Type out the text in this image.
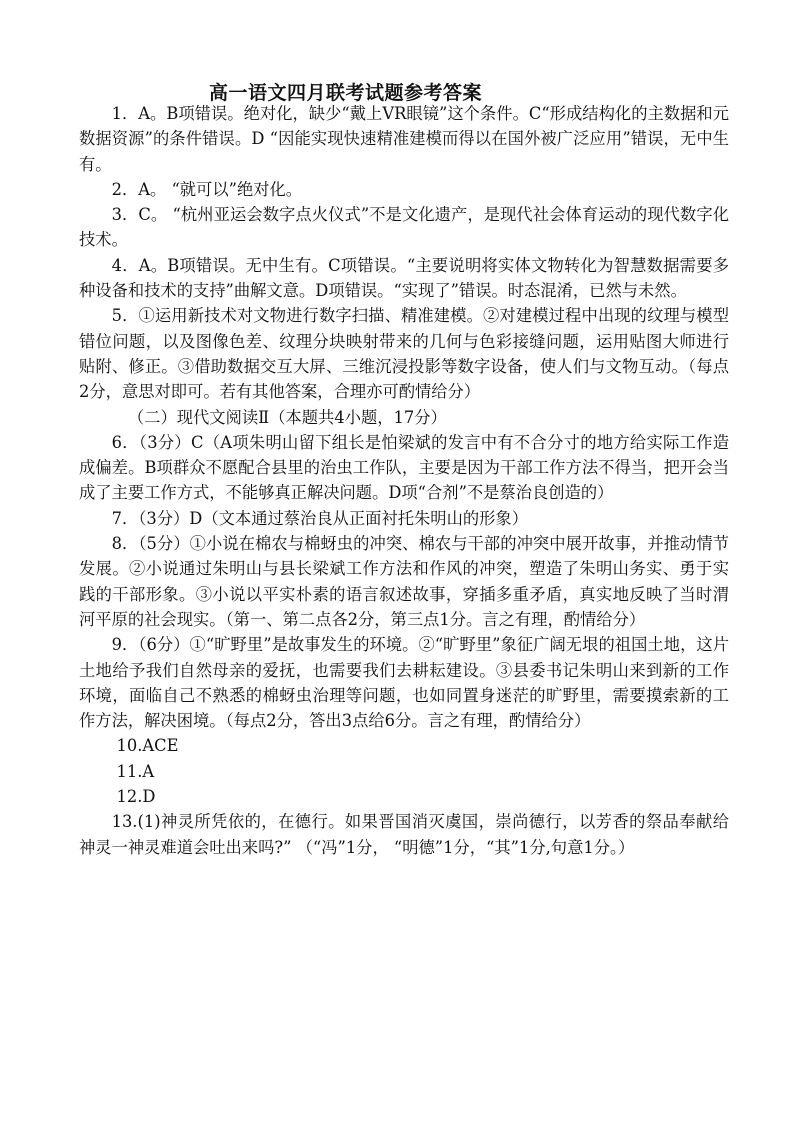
高一语文四月联考试题参考答案

1．A。B项错误。绝对化，缺少“戴上VR眼镜”这个条件。C“形成结构化的主数据和元数据资源”的条件错误。D “因能实现快速精准建模而得以在国外被广泛应用”错误，无中生有。

2．A。 “就可以”绝对化。

3．C。 “杭州亚运会数字点火仪式”不是文化遗产，是现代社会体育运动的现代数字化技术。

4．A。B项错误。无中生有。C项错误。“主要说明将实体文物转化为智慧数据需要多种设备和技术的支持”曲解文意。D项错误。“实现了”错误。时态混淆，已然与未然。

5．①运用新技术对文物进行数字扫描、精准建模。②对建模过程中出现的纹理与模型错位问题，以及图像色差、纹理分块映射带来的几何与色彩接缝问题，运用贴图大师进行贴附、修正。③借助数据交互大屏、三维沉浸投影等数字设备，使人们与文物互动。（每点2分，意思对即可。若有其他答案，合理亦可酌情给分）

（二）现代文阅读Ⅱ（本题共4小题，17分）

6．（3分）C（A项朱明山留下组长是怕梁斌的发言中有不合分寸的地方给实际工作造成偏差。B项群众不愿配合县里的治虫工作队，主要是因为干部工作方法不得当，把开会当成了主要工作方式，不能够真正解决问题。D项“合剂”不是蔡治良创造的）

7．（3分）D（文本通过蔡治良从正面衬托朱明山的形象）

8．（5分）①小说在棉农与棉蚜虫的冲突、棉农与干部的冲突中展开故事，并推动情节发展。②小说通过朱明山与县长梁斌工作方法和作风的冲突，塑造了朱明山务实、勇于实践的干部形象。③小说以平实朴素的语言叙述故事，穿插多重矛盾，真实地反映了当时渭河平原的社会现实。（第一、第二点各2分，第三点1分。言之有理，酌情给分）

9．（6分）①“旷野里”是故事发生的环境。②“旷野里”象征广阔无垠的祖国土地，这片土地给予我们自然母亲的爱抚，也需要我们去耕耘建设。③县委书记朱明山来到新的工作环境，面临自己不熟悉的棉蚜虫治理等问题，也如同置身迷茫的旷野里，需要摸索新的工作方法，解决困境。（每点2分，答出3点给6分。言之有理，酌情给分）

10.ACE

11.A

12.D

13.(1)神灵所凭依的，在德行。如果晋国消灭虞国，崇尚德行，以芳香的祭品奉献给神灵一神灵难道会吐出来吗?” （“冯”1分， “明德”1分，“其”1分,句意1分。）
